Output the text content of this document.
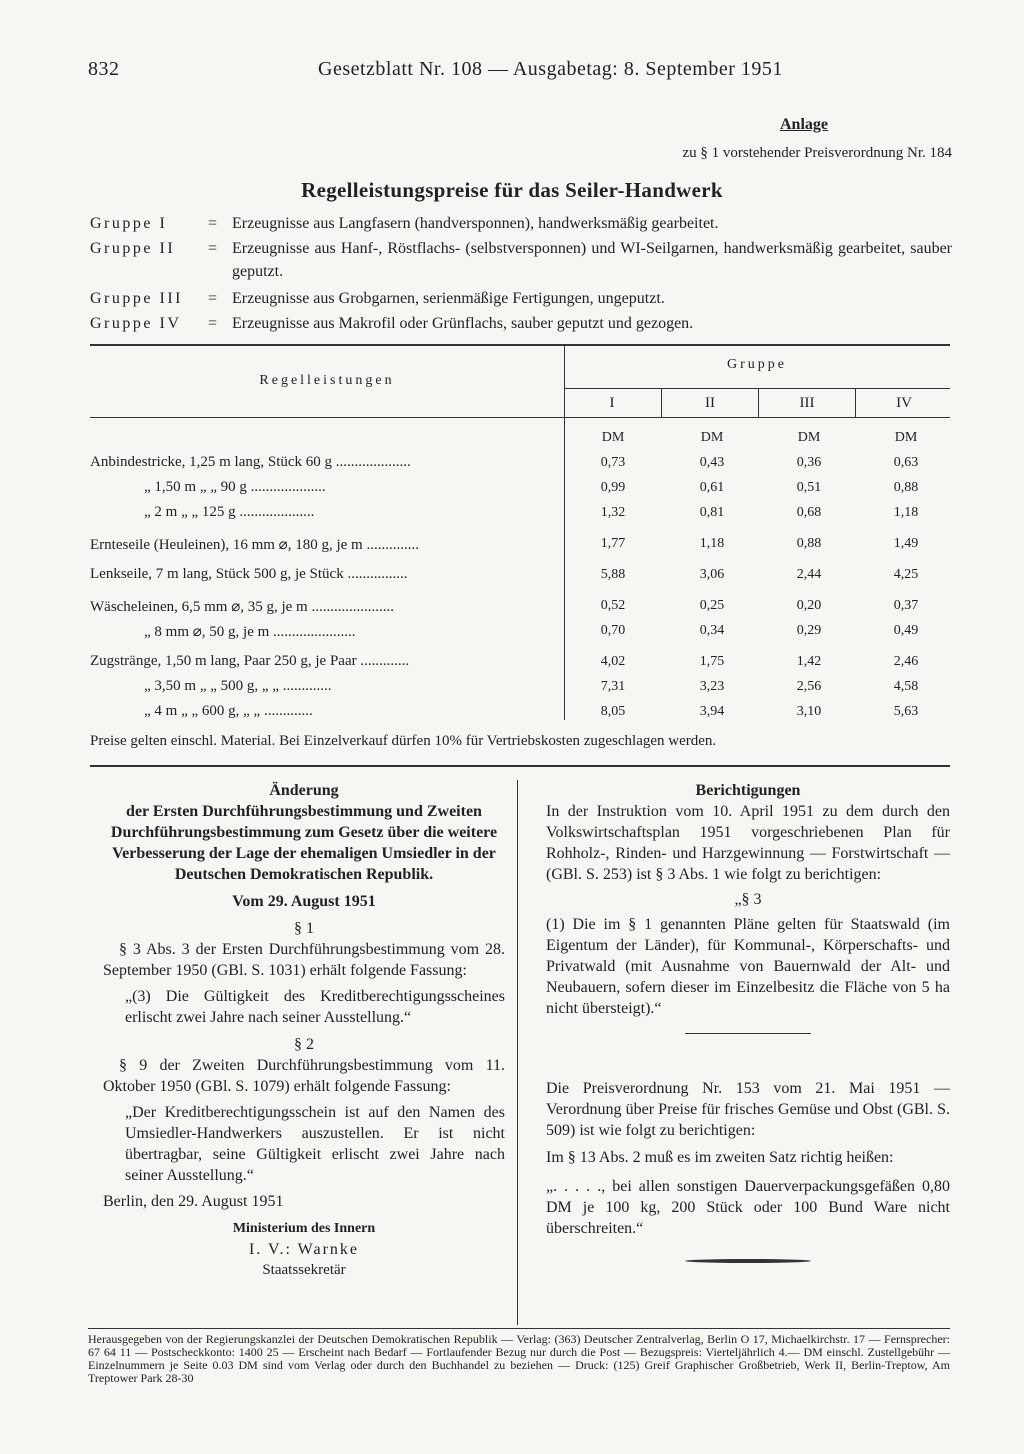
832	Gesetzblatt Nr. 108 — Ausgabetag: 8. September 1951
Anlage
zu § 1 vorstehender Preisverordnung Nr. 184
Regelleistungspreise für das Seiler-Handwerk
Gruppe I	= Erzeugnisse aus Langfasern (handversponnen), handwerksmäßig gearbeitet.
Gruppe II	= Erzeugnisse aus Hanf-, Röstflachs- (selbstversponnen) und WI-Seilgarnen, handwerksmäßig gearbeitet, sauber geputzt.
Gruppe III	= Erzeugnisse aus Grobgarnen, serienmäßige Fertigungen, ungeputzt.
Gruppe IV	= Erzeugnisse aus Makrofil oder Grünflachs, sauber geputzt und gezogen.
Regelleistungen
Gruppe
I	II	III	IV
DM	DM	DM	DM
Anbindestricke, 1,25 m lang, Stück 60 g ....................	0,73	0,43	0,36	0,63
„ 1,50 m „ „ 90 g ....................	0,99	0,61	0,51	0,88
„ 2 m „ „ 125 g ....................	1,32	0,81	0,68	1,18
Ernteseile (Heuleinen), 16 mm ⌀, 180 g, je m ..............	1,77	1,18	0,88	1,49
Lenkseile, 7 m lang, Stück 500 g, je Stück ................	5,88	3,06	2,44	4,25
Wäscheleinen, 6,5 mm ⌀, 35 g, je m ......................	0,52	0,25	0,20	0,37
„ 8 mm ⌀, 50 g, je m ......................	0,70	0,34	0,29	0,49
Zugstränge, 1,50 m lang, Paar 250 g, je Paar .............	4,02	1,75	1,42	2,46
„ 3,50 m „ „ 500 g, „ „ .............	7,31	3,23	2,56	4,58
„ 4 m „ „ 600 g, „ „ .............	8,05	3,94	3,10	5,63
Preise gelten einschl. Material. Bei Einzelverkauf dürfen 10% für Vertriebskosten zugeschlagen werden.
Änderung
der Ersten Durchführungsbestimmung und Zweiten Durchführungsbestimmung zum Gesetz über die weitere Verbesserung der Lage der ehemaligen Umsiedler in der Deutschen Demokratischen Republik.
Vom 29. August 1951
§ 1

§ 3 Abs. 3 der Ersten Durchführungsbestimmung vom 28. September 1950 (GBl. S. 1031) erhält folgende Fassung:

„(3) Die Gültigkeit des Kreditberechtigungsscheines erlischt zwei Jahre nach seiner Ausstellung.“

§ 2

§ 9 der Zweiten Durchführungsbestimmung vom 11. Oktober 1950 (GBl. S. 1079) erhält folgende Fassung:

„Der Kreditberechtigungsschein ist auf den Namen des Umsiedler-Handwerkers auszustellen. Er ist nicht übertragbar, seine Gültigkeit erlischt zwei Jahre nach seiner Ausstellung.“

Berlin, den 29. August 1951

Ministerium des Innern
I. V.: Warnke
Staatssekretär
Berichtigungen

In der Instruktion vom 10. April 1951 zu dem durch den Volkswirtschaftsplan 1951 vorgeschriebenen Plan für Rohholz-, Rinden- und Harzgewinnung — Forstwirtschaft — (GBl. S. 253) ist § 3 Abs. 1 wie folgt zu berichtigen:

„§ 3

(1) Die im § 1 genannten Pläne gelten für Staatswald (im Eigentum der Länder), für Kommunal-, Körperschafts- und Privatwald (mit Ausnahme von Bauernwald der Alt- und Neubauern, sofern dieser im Einzelbesitz die Fläche von 5 ha nicht übersteigt).“

Die Preisverordnung Nr. 153 vom 21. Mai 1951 — Verordnung über Preise für frisches Gemüse und Obst (GBl. S. 509) ist wie folgt zu berichtigen:

Im § 13 Abs. 2 muß es im zweiten Satz richtig heißen:

„. . . . ., bei allen sonstigen Dauerverpackungsgefäßen 0,80 DM je 100 kg, 200 Stück oder 100 Bund Ware nicht überschreiten.“

Herausgegeben von der Regierungskanzlei der Deutschen Demokratischen Republik — Verlag: (363) Deutscher Zentralverlag, Berlin O 17, Michaelkirchstr. 17 — Fernsprecher: 67 64 11 — Postscheckkonto: 1400 25 — Erscheint nach Bedarf — Fortlaufender Bezug nur durch die Post — Bezugspreis: Vierteljährlich 4.— DM einschl. Zustellgebühr — Einzelnummern je Seite 0.03 DM sind vom Verlag oder durch den Buchhandel zu beziehen — Druck: (125) Greif Graphischer Großbetrieb, Werk II, Berlin-Treptow, Am Treptower Park 28-30
